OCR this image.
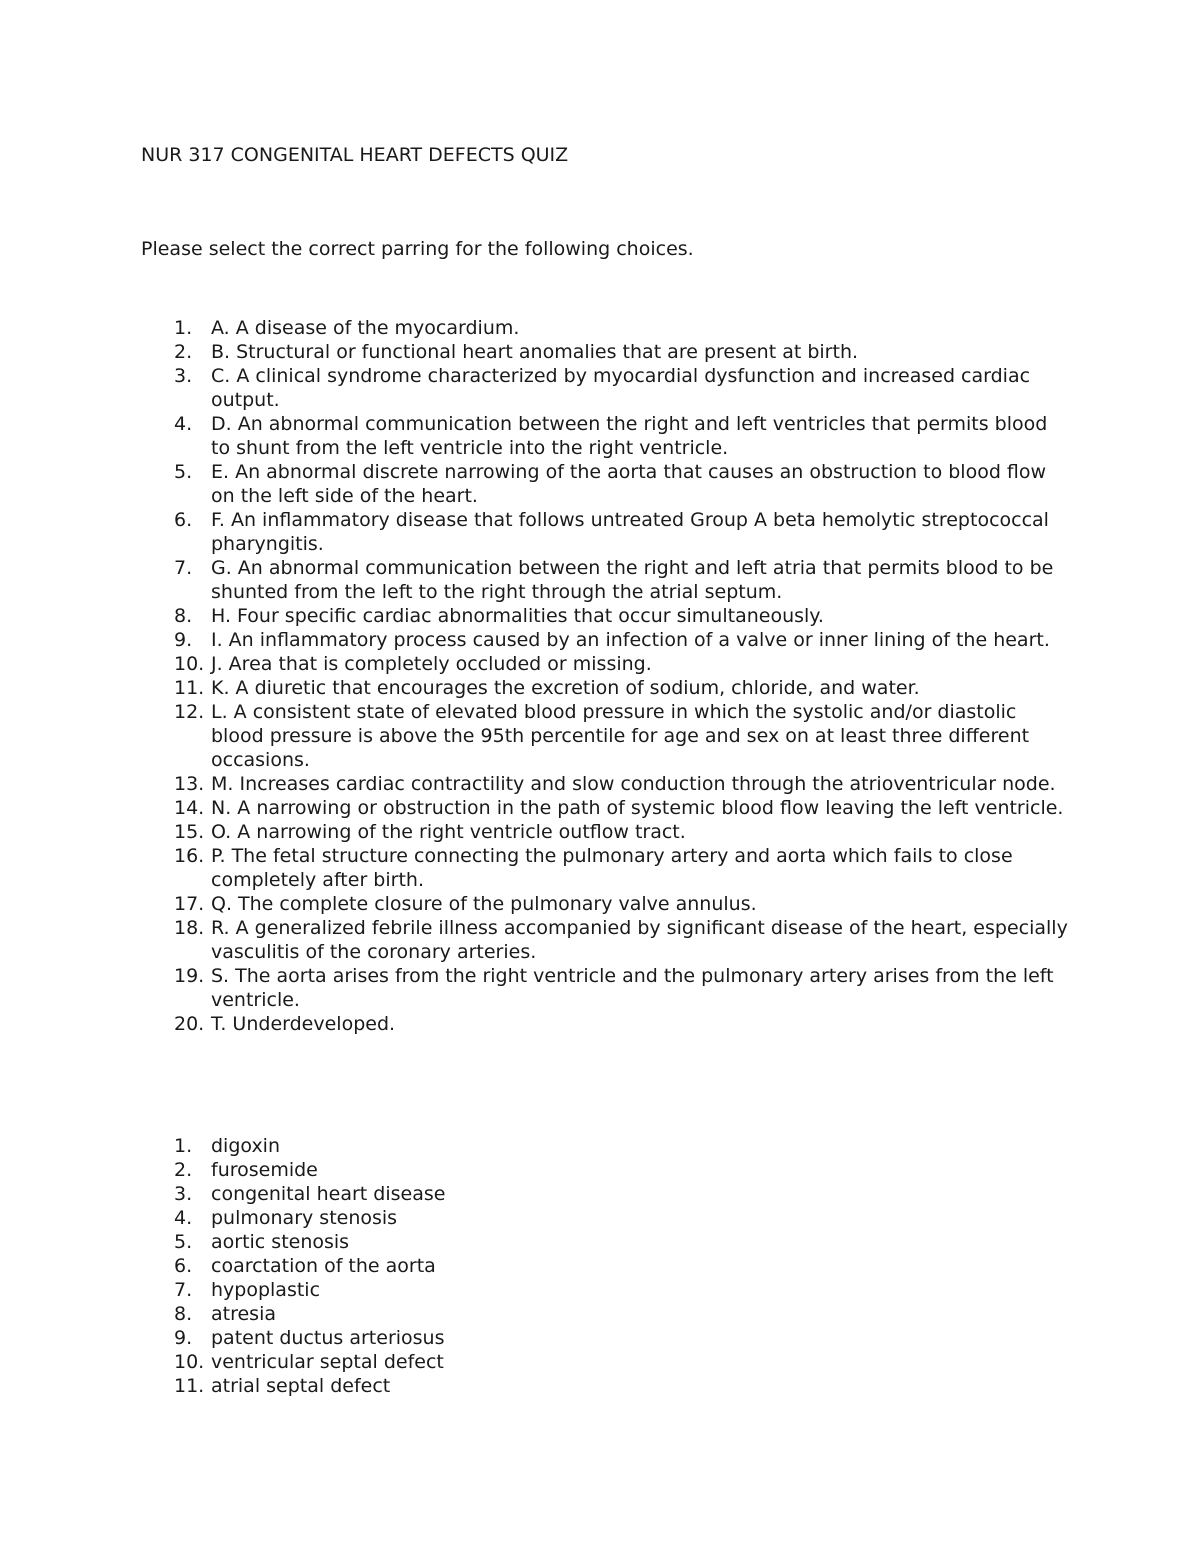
NUR 317 CONGENITAL HEART DEFECTS QUIZ

Please select the correct parring for the following choices.

1. A. A disease of the myocardium.
2. B. Structural or functional heart anomalies that are present at birth.
3. C. A clinical syndrome characterized by myocardial dysfunction and increased cardiac output.
4. D. An abnormal communication between the right and left ventricles that permits blood to shunt from the left ventricle into the right ventricle.
5. E. An abnormal discrete narrowing of the aorta that causes an obstruction to blood flow on the left side of the heart.
6. F. An inflammatory disease that follows untreated Group A beta hemolytic streptococcal pharyngitis.
7. G. An abnormal communication between the right and left atria that permits blood to be shunted from the left to the right through the atrial septum.
8. H. Four specific cardiac abnormalities that occur simultaneously.
9. I. An inflammatory process caused by an infection of a valve or inner lining of the heart.
10. J. Area that is completely occluded or missing.
11. K. A diuretic that encourages the excretion of sodium, chloride, and water.
12. L. A consistent state of elevated blood pressure in which the systolic and/or diastolic blood pressure is above the 95th percentile for age and sex on at least three different occasions.
13. M. Increases cardiac contractility and slow conduction through the atrioventricular node.
14. N. A narrowing or obstruction in the path of systemic blood flow leaving the left ventricle.
15. O. A narrowing of the right ventricle outflow tract.
16. P. The fetal structure connecting the pulmonary artery and aorta which fails to close completely after birth.
17. Q. The complete closure of the pulmonary valve annulus.
18. R. A generalized febrile illness accompanied by significant disease of the heart, especially vasculitis of the coronary arteries.
19. S. The aorta arises from the right ventricle and the pulmonary artery arises from the left ventricle.
20. T. Underdeveloped.
1. digoxin
2. furosemide
3. congenital heart disease
4. pulmonary stenosis
5. aortic stenosis
6. coarctation of the aorta
7. hypoplastic
8. atresia
9. patent ductus arteriosus
10. ventricular septal defect
11. atrial septal defect
